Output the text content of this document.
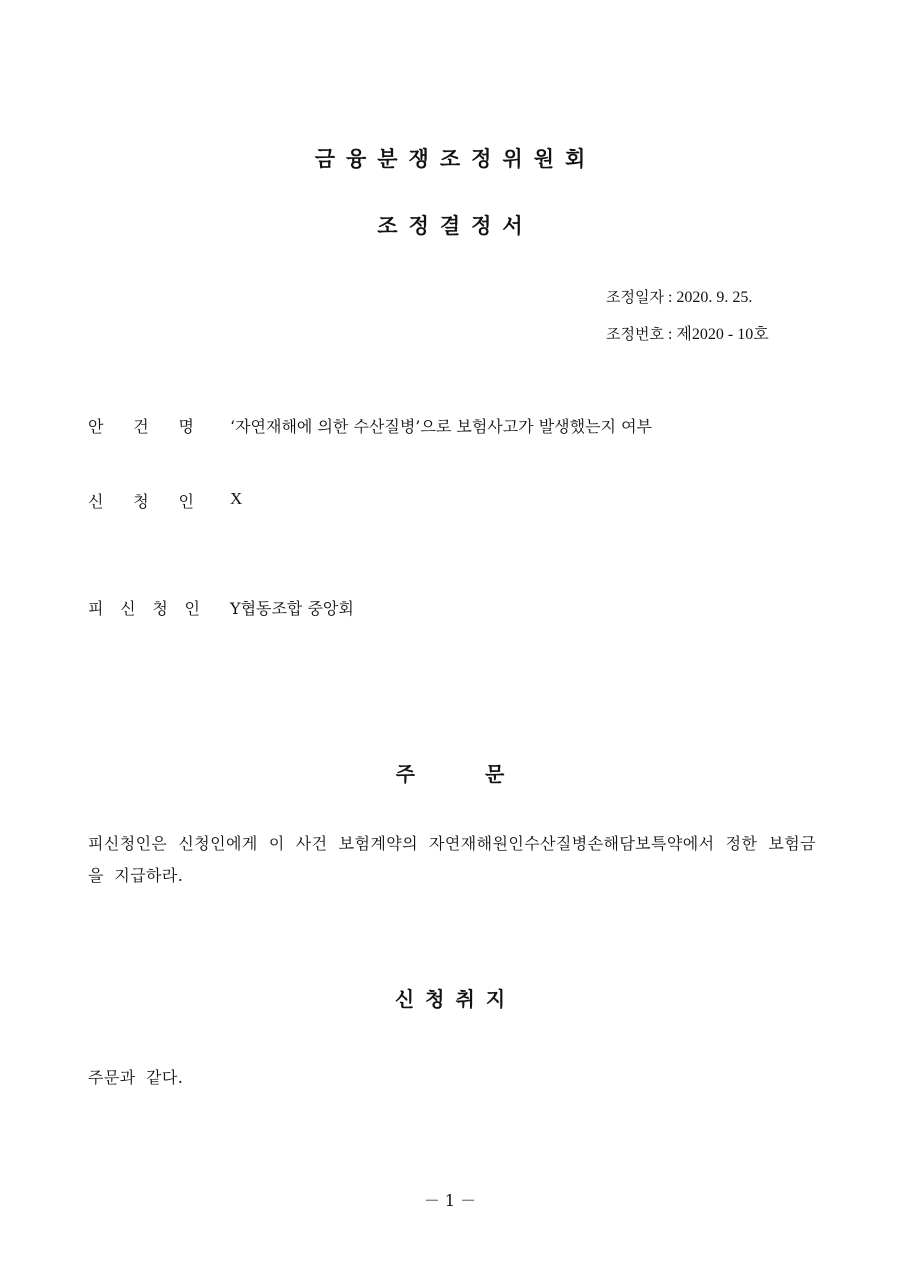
금융분쟁조정위원회
조정결정서
조정일자 : 2020. 9. 25.
조정번호 : 제2020 - 10호
안 건 명 ‘자연재해에 의한 수산질병’으로 보험사고가 발생했는지 여부
신 청 인 X
피 신 청 인 Y협동조합 중앙회
주	문
피신청인은 신청인에게 이 사건 보험계약의 자연재해원인수산질병손해담보특약에서 정한 보험금을 지급하라.
신청취지
주문과 같다.
－ 1 －
